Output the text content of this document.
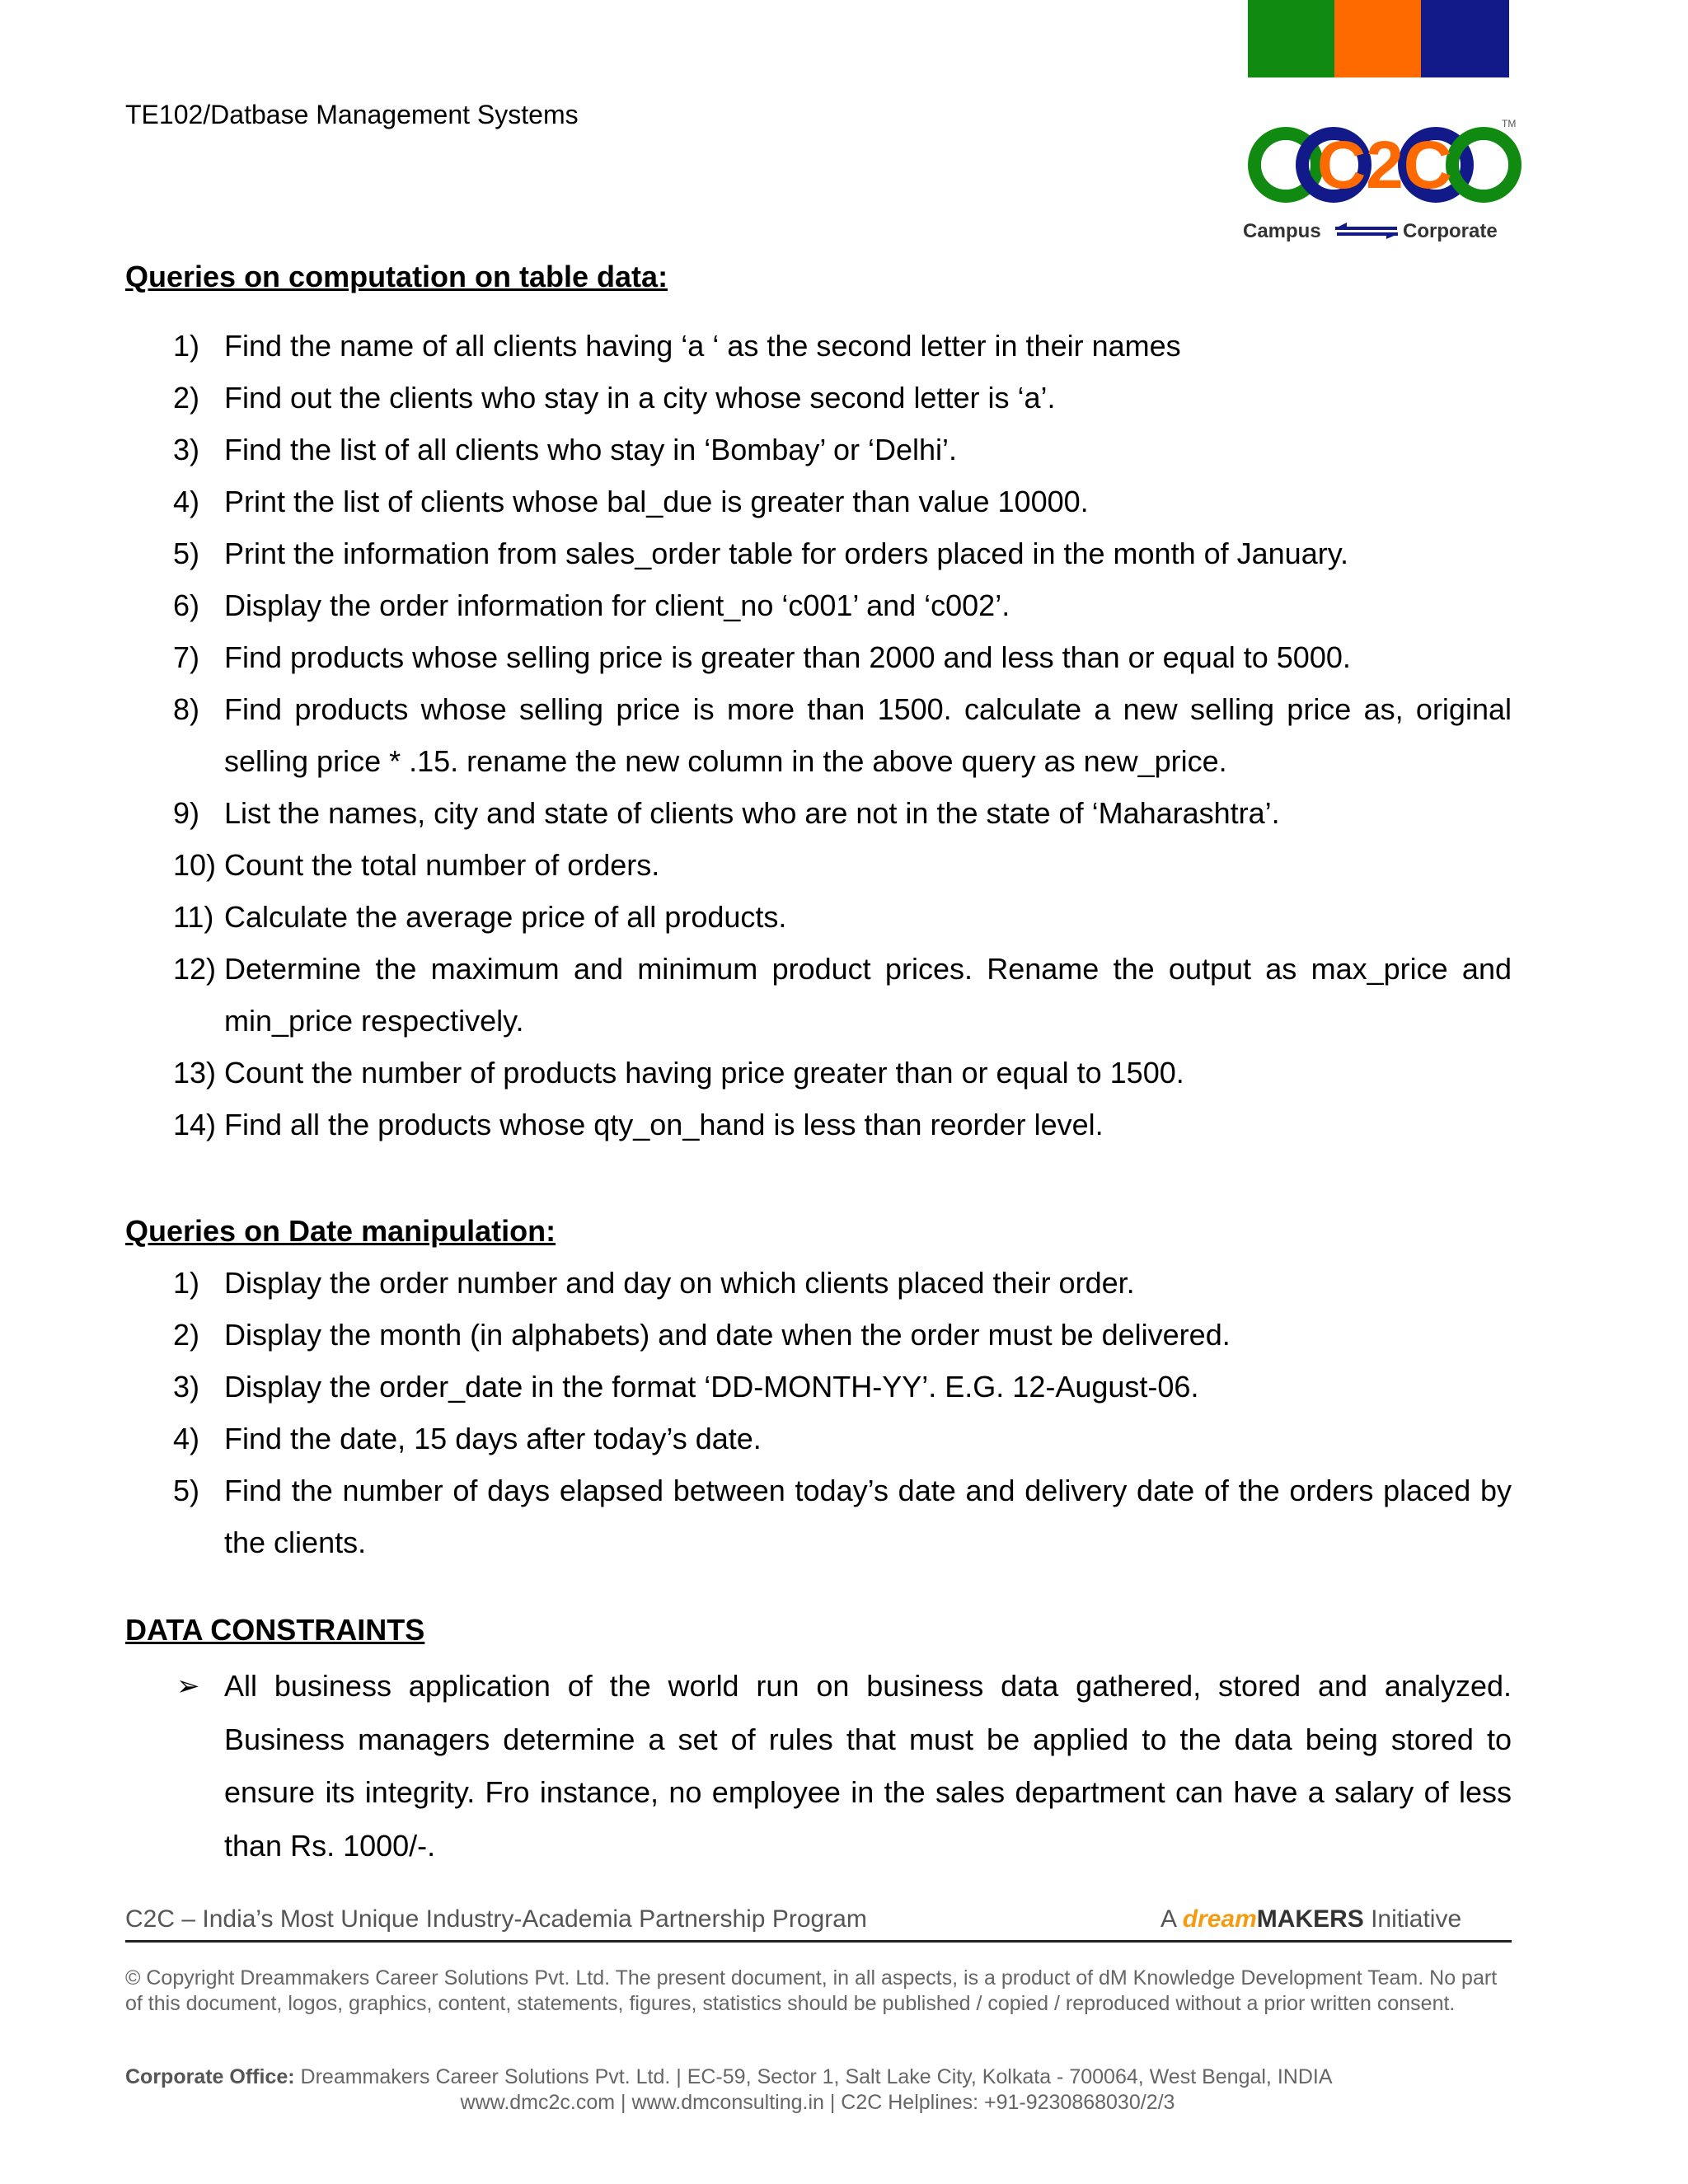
TE102/Datbase Management Systems	TM
C2C
Campus	Corporate
Queries on computation on table data:
1) Find the name of all clients having ‘a ‘ as the second letter in their names
2) Find out the clients who stay in a city whose second letter is ‘a’.
3) Find the list of all clients who stay in ‘Bombay’ or ‘Delhi’.
4) Print the list of clients whose bal_due is greater than value 10000.
5) Print the information from sales_order table for orders placed in the month of January.
6) Display the order information for client_no ‘c001’ and ‘c002’.
7) Find products whose selling price is greater than 2000 and less than or equal to 5000.
8) Find products whose selling price is more than 1500. calculate a new selling price as, original selling price * .15. rename the new column in the above query as new_price.
9) List the names, city and state of clients who are not in the state of ‘Maharashtra’.
10) Count the total number of orders.
11) Calculate the average price of all products.
12) Determine the maximum and minimum product prices. Rename the output as max_price and min_price respectively.
13) Count the number of products having price greater than or equal to 1500.
14) Find all the products whose qty_on_hand is less than reorder level.
Queries on Date manipulation:
1) Display the order number and day on which clients placed their order.
2) Display the month (in alphabets) and date when the order must be delivered.
3) Display the order_date in the format ‘DD-MONTH-YY’. E.G. 12-August-06.
4) Find the date, 15 days after today’s date.
5) Find the number of days elapsed between today’s date and delivery date of the orders placed by the clients.
DATA CONSTRAINTS
➢ All business application of the world run on business data gathered, stored and analyzed. Business managers determine a set of rules that must be applied to the data being stored to ensure its integrity. Fro instance, no employee in the sales department can have a salary of less than Rs. 1000/-.
C2C – India’s Most Unique Industry-Academia Partnership Program	A dreamMAKERS Initiative
© Copyright Dreammakers Career Solutions Pvt. Ltd. The present document, in all aspects, is a product of dM Knowledge Development Team. No part of this document, logos, graphics, content, statements, figures, statistics should be published / copied / reproduced without a prior written consent.
Corporate Office: Dreammakers Career Solutions Pvt. Ltd. | EC-59, Sector 1, Salt Lake City, Kolkata - 700064, West Bengal, INDIA
www.dmc2c.com | www.dmconsulting.in | C2C Helplines: +91-9230868030/2/3
